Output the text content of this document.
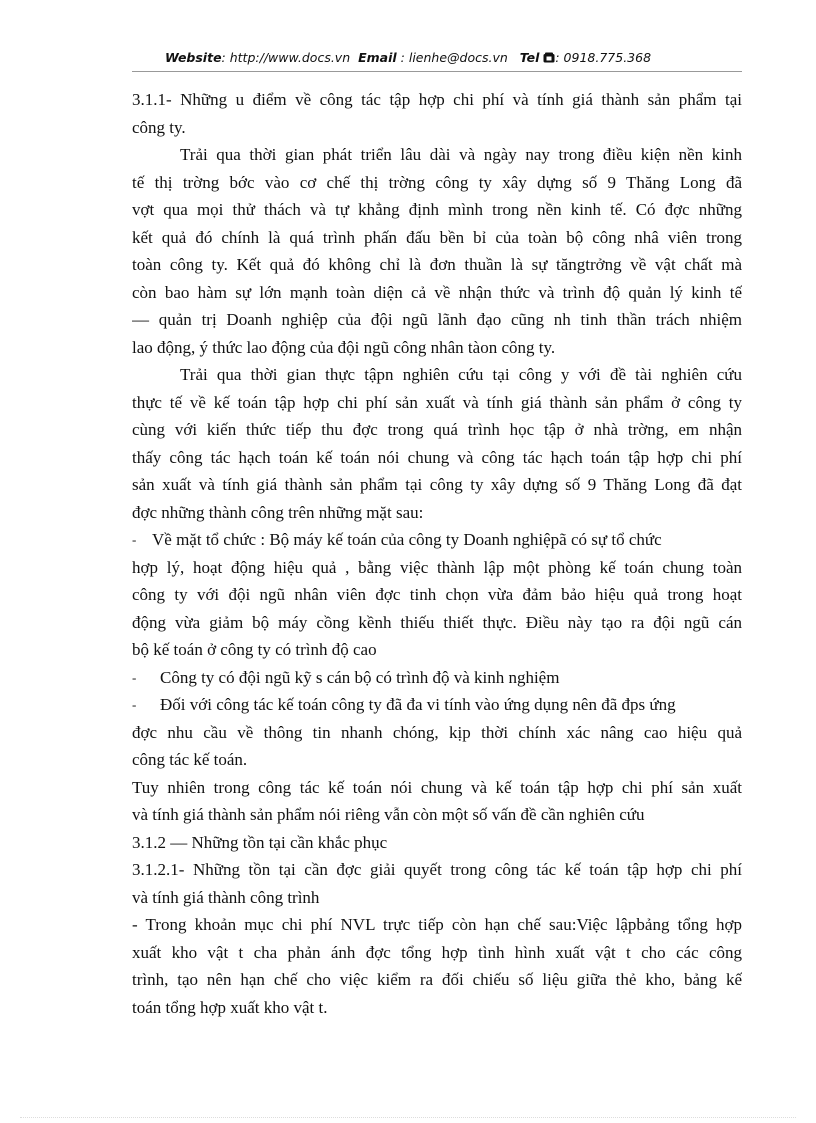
Website: http://www.docs.vn Email : lienhe@docs.vn Tel : 0918.775.368
3.1.1- Những u điểm về công tác tập hợp chi phí và tính giá thành sản phẩm tại
công ty.
Trải qua thời gian phát triển lâu dài và ngày nay trong điều kiện nền kinh
tế thị trờng bớc vào cơ chế thị trờng công ty xây dựng số 9 Thăng Long đã
vợt qua mọi thử thách và tự khẳng định mình trong nền kinh tế. Có đợc những
kết quả đó chính là quá trình phấn đấu bền bỉ của toàn bộ công nhâ viên trong
toàn công ty. Kết quả đó không chỉ là đơn thuần là sự tăngtrởng về vật chất mà
còn bao hàm sự lớn mạnh toàn diện cả về nhận thức và trình độ quản lý kinh tế
— quản trị Doanh nghiệp của đội ngũ lãnh đạo cũng nh tinh thần trách nhiệm
lao động, ý thức lao động của đội ngũ công nhân tàon công ty.
Trải qua thời gian thực tậpn nghiên cứu tại công y với đề tài nghiên cứu
thực tế về kế toán tập hợp chi phí sản xuất và tính giá thành sản phẩm ở công ty
cùng với kiến thức tiếp thu đợc trong quá trình học tập ở nhà trờng, em nhận
thấy công tác hạch toán kế toán nói chung và công tác hạch toán tập hợp chi phí
sản xuất và tính giá thành sản phẩm tại công ty xây dựng số 9 Thăng Long đã đạt
đợc những thành công trên những mặt sau:
- Về mặt tổ chức : Bộ máy kế toán của công ty Doanh nghiệpã có sự tổ chức
hợp lý, hoạt động hiệu quả , bằng việc thành lập một phòng kế toán chung toàn
công ty với đội ngũ nhân viên đợc tinh chọn vừa đảm bảo hiệu quả trong hoạt
động vừa giảm bộ máy cồng kềnh thiếu thiết thực. Điều này tạo ra đội ngũ cán
bộ kế toán ở công ty có trình độ cao
- Công ty có đội ngũ kỹ s cán bộ có trình độ và kinh nghiệm
- Đối với công tác kế toán công ty đã đa vi tính vào ứng dụng nên đã đps ứng
đợc nhu cầu về thông tin nhanh chóng, kịp thời chính xác nâng cao hiệu quả
công tác kế toán.
Tuy nhiên trong công tác kế toán nói chung và kế toán tập hợp chi phí sản xuất
và tính giá thành sản phẩm nói riêng vẫn còn một số vấn đề cần nghiên cứu
3.1.2 — Những tồn tại cần khắc phục
3.1.2.1- Những tồn tại cần đợc giải quyết trong công tác kế toán tập hợp chi phí
và tính giá thành công trình
- Trong khoản mục chi phí NVL trực tiếp còn hạn chế sau:Việc lậpbảng tổng hợp
xuất kho vật t cha phản ánh đợc tổng hợp tình hình xuất vật t cho các công
trình, tạo nên hạn chế cho việc kiểm ra đối chiếu số liệu giữa thẻ kho, bảng kế
toán tổng hợp xuất kho vật t.
